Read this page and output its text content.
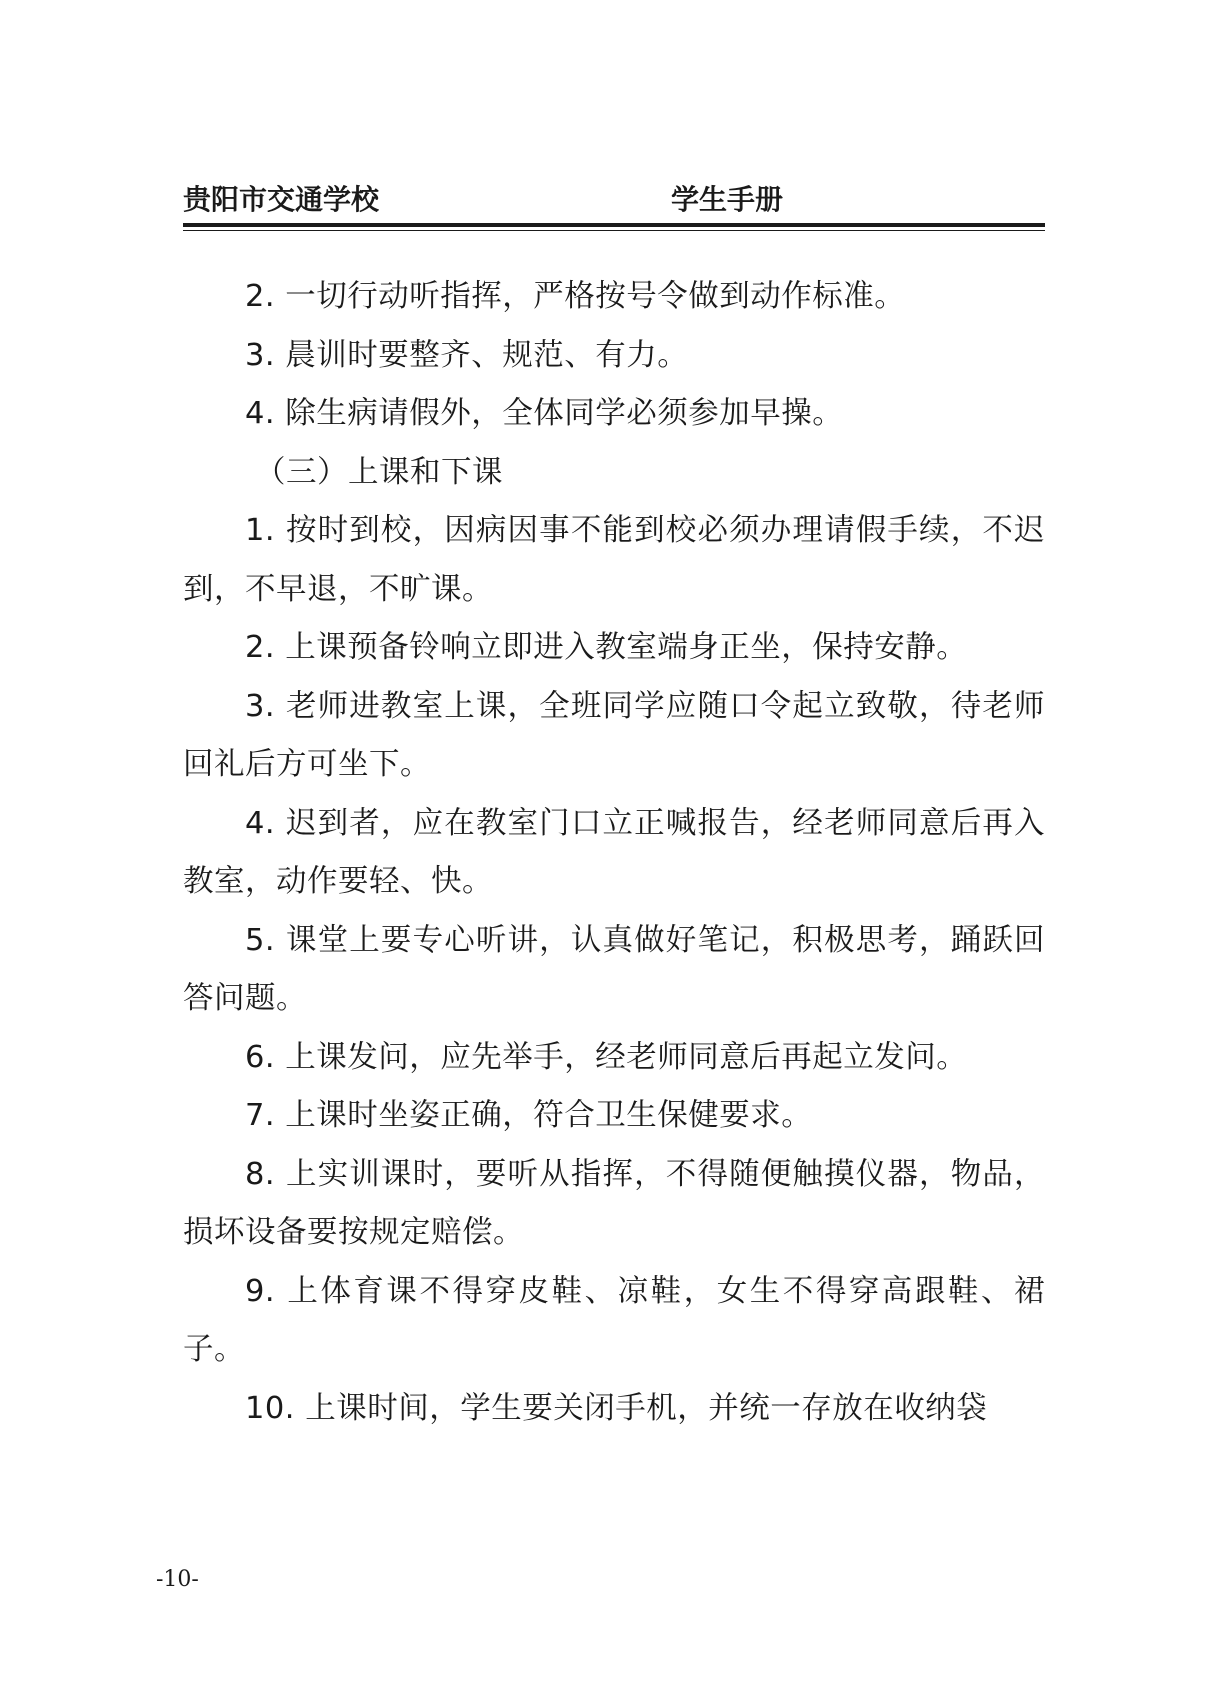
贵阳市交通学校	学生手册

2. 一切行动听指挥，严格按号令做到动作标准。

3. 晨训时要整齐、规范、有力。

4. 除生病请假外，全体同学必须参加早操。

（三）上课和下课

1. 按时到校，因病因事不能到校必须办理请假手续，不迟到，不早退，不旷课。

2. 上课预备铃响立即进入教室端身正坐，保持安静。

3. 老师进教室上课，全班同学应随口令起立致敬，待老师回礼后方可坐下。

4. 迟到者，应在教室门口立正喊报告，经老师同意后再入教室，动作要轻、快。

5. 课堂上要专心听讲，认真做好笔记，积极思考，踊跃回答问题。

6. 上课发问，应先举手，经老师同意后再起立发问。

7. 上课时坐姿正确，符合卫生保健要求。

8. 上实训课时，要听从指挥，不得随便触摸仪器，物品，损坏设备要按规定赔偿。

9. 上体育课不得穿皮鞋、凉鞋，女生不得穿高跟鞋、裙子。

10. 上课时间，学生要关闭手机，并统一存放在收纳袋

-10-
